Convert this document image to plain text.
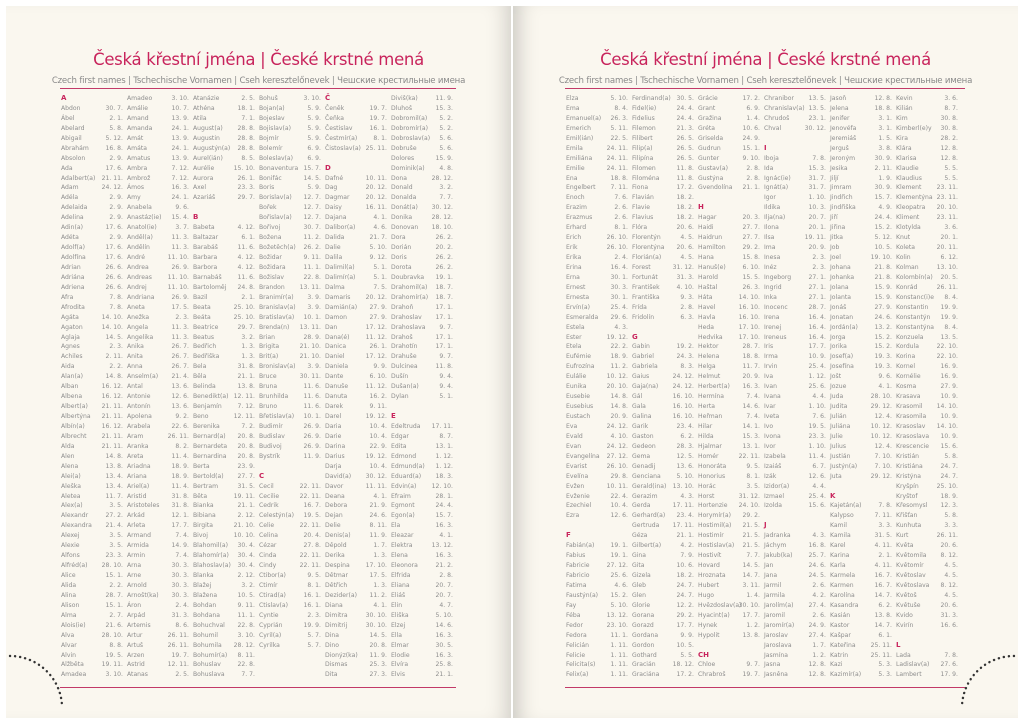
Česká křestní jména | České krstné mená
Czech first names | Tschechische Vornamen | Cseh keresztelőnevek | Чешские крестильные имена
A
Abdon	30. 7.
Ábel	2. 1.
Abelard	5. 8.
Abigail	5. 12.
Abrahám	16. 8.
Absolon	2. 9.
Ada	17. 6.
Adalbert(a) 21. 11.
Adam	24. 12.
Adéla	2. 9.
Adelaida	2. 9.
Adelina	2. 9.
Adin(a)	17. 6.
Adéta	2. 9.
Adolf(a)	17. 6.
Adolfína	17. 6.
Adrian	26. 6.
Adriána	26. 6.
Adriena	26. 6.
Afra	7. 8.
Afrodita	7. 8.
Agáta	14. 10.
Agaton	14. 10.
Aglaja	14. 5.
Agnes	2. 3.
Achiles	2. 11.
Aida	2. 2.
Alan(a)	14. 8.
Alban	16. 12.
Albena	16. 12.
Albert(a) 21. 11.
Albertýna 21. 11.
Albín(a)	16. 12.
Albrecht 21. 11.
Alda	21. 11.
Alen	14. 8.
Alena	13. 8.
Alei(a)	13. 4.
Aleška	13. 4.
Aletea	11. 7.
Alex(a)	3. 5.
Alexandr	27. 2.
Alexandra 21. 4.
Alexej	3. 5.
Alexie	3. 5.
Alfons	23. 3.
Alfréd(a) 28. 10.
Alice	15. 1.
Alida	2. 2.
Alina	28. 7.
Alison	15. 1.
Alma	2. 7.
Alois(ie)	21. 6.
Alva	28. 10.
Alvar	8. 8.
Alvin	19. 5.
Alžběta	19. 11.
Amadea	3. 10.
Amadeo	3. 10.
Amálie	10. 7.
Amand	13. 9.
Amanda	24. 1.
Amát	13. 9.
Amáta	24. 1.
Amatus	13. 9.
Ambra	7. 12.
Ambrož	7. 12.
Ámos	16. 3.
Amy	24. 1.
Anabela	9. 6.
Anastáz(ie) 15. 4.
Anatol(ie)	3. 7.
Anděl(a)	11. 3.
Andělín	11. 3.
André	11. 10.
Andrea	26. 9.
Andreas	11. 10.
Andrej	11. 10.
Andriana	26. 9.
Aneta	17. 5.
Anežka	2. 3.
Angela	11. 3.
Angelika	11. 3.
Anika	26. 7.
Anita	26. 7.
Anna	26. 7.
Anselm(a) 21. 4.
Antal	13. 6.
Antonie	12. 6.
Antonín	13. 6.
Apolena	9. 2.
Arabela	22. 6.
Aram	26. 11.
Aranka	8. 2.
Areta	11. 4.
Ariadna	18. 9.
Ariana	18. 9.
Ariel(a)	11. 4.
Aristid	31. 8.
Aristoteles 31. 8.
Arkád	12. 1.
Arleta	17. 7.
Armand	7. 4.
Armida	14. 9.
Armin	7. 4.
Arna	30. 3.
Arne	30. 3.
Arnold	30. 3.
Arnošt(ka) 30. 3.
Áron	2. 4.
Arpád	31. 3.
Artemis	8. 6.
Artur	26. 11.
Artuš	26. 11.
Arzen	19. 7.
Astrid	12. 11.
Atanas	2. 5.
Atanázie	2. 5.
Athéna	18. 1.
Atila	7. 1.
August(a) 28. 8.
Augustin	28. 8.
Augustýn(a) 28. 8.
Aurel(ián)	8. 5.
Aurélie	15. 10.
Aurora	26. 1.
Axel	23. 3.
Azariáš	29. 7.
B
Babeta	4. 12.
Baltazar	6. 1.
Barabáš	11. 6.
Barbara	4. 12.
Barbora	4. 12.
Barnabáš	11. 6.
Bartoloměj 24. 8.
Bazil	2. 1.
Beata	25. 10.
Beáta	25. 10.
Beatrice	29. 7.
Beatus	3. 2.
Bedřich	1. 3.
Bedřiška	1. 3.
Bela	31. 8.
Běla	21. 1.
Belinda	13. 8.
Benedikt(a) 12. 11.
Benjamín	7. 12.
Beno	12. 11.
Berenika	7. 2.
Bernard(a) 20. 8.
Bernardeta 20. 8.
Bernardina 20. 8.
Berta	23. 9.
Bertold(a) 27. 7.
Bertram	31. 5.
Běta	19. 11.
Bianka	21. 1.
Bibiana	2. 12.
Birgita	21. 10.
Bivoj	10. 10.
Blahomil(a) 30. 4.
Blahomír(a) 30. 4.
Blahoslav(a) 30. 4.
Blanka	2. 12.
Blažej	3. 2.
Blažena	10. 5.
Bohdan	9. 11.
Bohdana	11. 1.
Bohuchval 22. 8.
Bohumil	3. 10.
Bohumila 28. 12.
Bohumír(a) 8. 11.
Bohuslav	22. 8.
Bohuslava	7. 7.
Bohuš	3. 10.
Bojan(a)	5. 9.
Bojeslav	5. 9.
Bojislav(a)	5. 9.
Bojmír	5. 9.
Bolemír	6. 9.
Boleslav(a) 6. 9.
Bonaventura 15. 7.
Bonifác	14. 5.
Boris	5. 9.
Borislav(a) 12. 7.
Bořek	12. 7.
Bořislav(a) 12. 7.
Bořivoj	30. 7.
Božena	11. 2.
Božetěch(a) 26. 2.
Božidar	9. 11.
Božidara	11. 1.
Božislav	22. 8.
Brandon 13. 11.
Branimír(a) 3. 9.
Branislav(a) 3. 9.
Bratislav(a) 10. 1.
Brenda(n) 13. 11.
Brian	28. 9.
Brigita	21. 10.
Brit(a)	21. 10.
Bronislav(a) 3. 9.
Bruce	30. 11.
Bruna	11. 6.
Brunhilda	11. 6.
Bruno	11. 6.
Břetislav(a) 10. 1.
Budimír	26. 9.
Budislav	26. 9.
Budivoj	26. 9.
Bystrík	11. 9.
C
Cecil	22. 11.
Cecilie	22. 11.
Cedrik	16. 7.
Celestýn(a) 19. 5.
Celie	22. 11.
Celina	20. 4.
Cézar	27. 8.
Cinda	22. 11.
Cindy	22. 11.
Ctibor(a)	9. 5.
Ctimír	8. 1.
Ctirad(a)	16. 1.
Ctislav(a)	16. 1.
Cyntie	2. 3.
Cyprián	19. 9.
Cyril(a)	5. 7.
Cyrilka	5. 7.
Č
Čeněk	19. 7.
Čeňka	19. 7.
Čestislav	16. 1.
Čestmír(a)	8. 1.
Čistoslav(a) 25. 11.
D
Dafné	10. 11.
Dag	20. 12.
Dagmar	20. 12.
Daisy	16. 11.
Dajana	4. 1.
Dalibor(a)	4. 6.
Dalida	21. 7.
Dalie	5. 10.
Dalila	9. 12.
Dalimil(a)	5. 1.
Dalimír(a)	5. 1.
Dalma	7. 5.
Damaris 20. 12.
Damián(a) 27. 9.
Damon	27. 9.
Dan	17. 12.
Dana(é)	11. 12.
Danica	26. 1.
Daniel	17. 12.
Daniela	9. 9.
Dante	6. 10.
Danuše	11. 12.
Danuta	16. 2.
Darek	9. 11.
Darel	19. 12.
Daria	10. 4.
Darie	10. 4.
Darina	22. 9.
Darius	19. 12.
Darja	10. 4.
David(a) 30. 12.
Davor	11. 11.
Deana	4. 1.
Debora	21. 9.
Dejan	24. 6.
Delie	8. 11.
Denis(a)	11. 9.
Děpold	1. 7.
Derika	1. 3.
Despina	17. 10.
Dětmar	17. 5.
Dětřich	1. 3.
Dezider(a) 11. 2.
Diana	4. 1.
Dimitra	30. 10.
Dimitrij	30. 10.
Dina	14. 5.
Dino	20. 8.
Dionýz(ka) 11. 9.
Dismas	25. 3.
Dita	27. 3.
Diviš(ka)	11. 9.
Dluhoš	15. 3.
Dobromil(a) 5. 2.
Dobromír(a) 5. 2.
Dobroslav(a) 5. 6.
Dobruše	5. 6.
Dolores	15. 9.
Dominik(a) 4. 8.
Dona	28. 12.
Donald	3. 2.
Donalda	7. 7.
Donát(a) 30. 12.
Donika	28. 12.
Donovan 18. 10.
Dora	26. 2.
Dorián	20. 2.
Doris	26. 2.
Dorota	26. 2.
Doubravka 19. 1.
Drahomil(a) 18. 7.
Drahomír(a) 18. 7.
Drahoň	17. 1.
Drahoslav 17. 1.
Drahoslava 9. 7.
Drahoš	17. 1.
Drahotín	17. 1.
Drahuše	9. 7.
Dulcinea	11. 8.
Dušín	9. 4.
Dušan(a)	9. 4.
Dylan	5. 1.
E
Edeltruda 17. 11.
Edgar	8. 7.
Edita	13. 1.
Edmond	1. 12.
Edmund(a) 1. 12.
Eduard(a) 18. 3.
Edvin(a)	12. 10.
Efraim	28. 1.
Egmont	24. 4.
Egon(a)	15. 7.
Ela	16. 3.
Eleazar	4. 1.
Elektra	13. 12.
Elena	16. 3.
Eleonora	21. 2.
Elfrida	2. 8.
Eliana	20. 7.
Eliáš	20. 7.
Elin	4. 7.
Eliška	5. 10.
Elzej	14. 6.
Ella	16. 3.
Elmar	30. 5.
Elodie	16. 3.
Elvíra	25. 8.
Elvis	21. 1.
Česká křestní jména | České krstné mená
Czech first names | Tschechische Vornamen | Cseh keresztelőnevek | Чешские крестильные имена
Elza	5. 10.
Ema	8. 4.
Emanuel(a) 26. 3.
Emerich	5. 11.
Emil(ián)	22. 5.
Emila	24. 11.
Emiliána 24. 11.
Emilie	24. 11.
Ena	18. 8.
Engelbert 7. 11.
Enoch	7. 6.
Erazim	2. 6.
Erazmus	2. 6.
Erhard	8. 1.
Erich	26. 10.
Erik	26. 10.
Erika	2. 4.
Erina	16. 4.
Erna	30. 1.
Ernest	30. 3.
Ernesta	30. 1.
Ervín(a)	25. 4.
Esmeralda 29. 6.
Estela	4. 3.
Ester	19. 12.
Etela	22. 2.
Eufémie	18. 9.
Eufrozína	11. 2.
Eulálie	10. 12.
Eunika	20. 10.
Eusebie	14. 8.
Eusebius	14. 8.
Eustach	20. 9.
Eva	24. 12.
Evald	4. 10.
Evan	24. 12.
Evangelína 27. 12.
Evarist	26. 10.
Evelína	29. 8.
Evžen	10. 11.
Evženie	22. 4.
Ezechiel	10. 4.
Ezra	12. 6.
F
Fabián(a)	19. 1.
Fabius	19. 1.
Fabricie	27. 12.
Fabricio	25. 6.
Fatima	4. 6.
Faustýn(a) 15. 2.
Fay	5. 10.
Féba	13. 12.
Fedor	23. 10.
Fedora	11. 1.
Felicián	1. 11.
Felicie	1. 11.
Felicita(s) 1. 11.
Felix(a)	1. 11.
Ferdinand(a) 30. 5.
Fidel(ie)	24. 4.
Fidelius	24. 4.
Filemon	21. 3.
Filibert	26. 5.
Filip(a)	26. 5.
Filipína	26. 5.
Filomen	11. 8.
Filoména	11. 8.
Fiona	17. 2.
Flavián	18. 2.
Flavie	18. 2.
Flavius	18. 2.
Flóra	20. 6.
Florentýn	4. 5.
Florentýna 20. 6.
Florián(a)	4. 5.
Forest	31. 12.
Fortunát	31. 3.
František	4. 10.
Františka	9. 3.
Frída	2. 8.
Fridolín	6. 3.
G
Gabin	19. 2.
Gabriel	24. 3.
Gabriela	8. 3.
Gaius	24. 12.
Gaja(na) 24. 12.
Gál	16. 10.
Gala	16. 10.
Galina	16. 10.
Garik	23. 4.
Gaston	6. 2.
Gedeon	28. 3.
Gema	12. 5.
Genadij	13. 6.
Genciana	5. 10.
Gerald(ina) 13. 10.
Gerazim	4. 3.
Gerda	17. 11.
Gerhard(a) 23. 4.
Gertruda 17. 11.
Géza	21. 1.
Gilbert(a)	4. 2.
Gina	7. 9.
Gita	10. 6.
Gizela	18. 2.
Gleb	24. 7.
Glen	24. 7.
Glorie	12. 2.
Gorana	29. 2.
Gorazd	17. 7.
Gordana	9. 9.
Gordon	10. 5.
Gothard	5. 5.
Gracián	18. 12.
Graciána	17. 2.
Grácie	17. 2.
Grant	6. 9.
Gražina	1. 4.
Gréta	10. 6.
Griselda	24. 9.
Gudrun	15. 1.
Gunter	9. 10.
Gustav(a)	2. 8.
Gustýna	2. 8.
Gvendolína 21. 1.
H
Hagar	20. 3.
Haidi	27. 7.
Haidrun	27. 7.
Hamilton	29. 2.
Hana	15. 8.
Hanuš(e)	6. 10.
Harold	15. 5.
Haštal	26. 3.
Háta	14. 10.
Havel	16. 10.
Havla	16. 10.
Heda	17. 10.
Hedvika	17. 10.
Hektor	28. 7.
Helena	18. 8.
Helga	11. 7.
Helmut	20. 9.
Herbert(a) 16. 3.
Hermína	7. 4.
Herta	14. 6.
Heřman	7. 4.
Hilar	14. 1.
Hilda	15. 3.
Hjalmar	13. 1.
Homér	22. 11.
Honoráta	9. 5.
Honorius	8. 1.
Horác	3. 5.
Horst	31. 12.
Hortenzie 24. 10.
Horymír(a) 29. 2.
Hostimil(a) 21. 5.
Hostimír	21. 5.
Hostislav(a) 21. 5.
Hostivít	7. 7.
Hovard	14. 5.
Hroznata	14. 7.
Hubert	3. 11.
Hugo	1. 4.
Hvězdoslav(a)
30. 10.
Hyacint(a) 17. 7.
Hynek	1. 2.
Hypolit	13. 8.
CH
Chloe	9. 7.
Chrabroš	19. 7.
Chranibor 13. 5.
Chranislav(a) 13. 5.
Chrudoš	23. 1.
Chval	30. 12.
I
Iboja	7. 8.
Ida	15. 3.
Ignác(ie)	31. 7.
Ignát(a)	31. 7.
Igor	1. 10.
Ildika	10. 3.
Ilja(na)	20. 7.
Ilona	20. 1.
Ilsa	19. 11.
Ima	20. 9.
Inesa	2. 3.
Inéz	2. 3.
Ingeborg	27. 1.
Ingrid	27. 1.
Inka	27. 1.
Inocenc	28. 7.
Irena	16. 4.
Irenej	16. 4.
Ireneus	16. 4.
Iris	17. 7.
Irma	10. 9.
Irvin	25. 4.
Iva	1. 12.
Ivan	25. 6.
Ivana	4. 4.
Ivar	1. 10.
Iveta	7. 6.
Ivo	19. 5.
Ivona	23. 3.
Ivor	1. 10.
Izabela	11. 4.
Izaiáš	6. 7.
Izák	12. 6.
Izidor(a)	4. 4.
Izmael	25. 4.
Izolda	15. 6.
J
Jadranka	4. 3.
Jáchym	16. 8.
Jakub(ka)	25. 7.
Jan	24. 6.
Jana	24. 5.
Jarmil	2. 6.
Jarmila	4. 2.
Jarolím(a) 27. 4.
Jaromil	2. 6.
Jaromír(a) 24. 9.
Jaroslav	27. 4.
Jaroslava	1. 7.
Jasmína	1. 2.
Jasna	12. 8.
Jasněna	12. 8.
Jasoň	12. 8.
Jelena	18. 8.
Jenifer	3. 1.
Jenovéfa	3. 1.
Jeremiáš	1. 5.
Jerguš	3. 8.
Jeroným	30. 9.
Jesika	2. 11.
Jiljí	1. 9.
Jimram	30. 9.
Jindřich	15. 7.
Jindřiška	4. 9.
Jiří	24. 4.
Jiřina	15. 2.
Jitka	5. 12.
Job	10. 5.
Joel	19. 10.
Johana	21. 8.
Johanka	21. 8.
Jolana	15. 9.
Jolanta	15. 9.
Jonáš	27. 9.
Jonatan	24. 6.
Jordán(a)	13. 2.
Jorga	15. 2.
Jorika	15. 2.
Josef(a)	19. 3.
Josefína	19. 3.
Jošt	9. 6.
Jozue	4. 1.
Juda	28. 10.
Judita	29. 12.
Julián	12. 4.
Juliána	10. 12.
Julie	10. 12.
Julius	12. 4.
Justián	7. 10.
Justýn(a)	7. 10.
Juta	29. 12.
K
Kajetán(a)	7. 8.
Kalypso	7. 11.
Kamil	3. 3.
Kamila	31. 5.
Karel	4. 11.
Karina	2. 1.
Karla	4. 11.
Karmela	16. 7.
Karmen	16. 7.
Karolína	14. 7.
Kasandra	6. 2.
Kasián	13. 8.
Kastor	14. 7.
Kašpar	6. 1.
Kateřina 25. 11.
Katrin	25. 11.
Kazi	5. 3.
Kazimír(a)	5. 3.
Kevin	3. 6.
Kilián	8. 7.
Kim	30. 8.
Kimberl(e)y 30. 8.
Kira	28. 2.
Klára	12. 8.
Klarisa	12. 8.
Klaudie	5. 5.
Klaudius	5. 5.
Klement	23. 11.
Klementýna 23. 11.
Kleopatra 20. 10.
Kliment	23. 11.
Klotylda	3. 6.
Knut	20. 1.
Koleta	20. 11.
Kolin	6. 12.
Kolman	13. 10.
Kolombín(a) 20. 5.
Konrád	26. 11.
Konstanc(i)e 8. 4.
Konstantin 19. 9.
Konstantýn 19. 9.
Konstantýna 8. 4.
Konzuela	13. 5.
Kordula	22. 10.
Korina	22. 10.
Kornel	16. 9.
Kornélie	16. 9.
Kosma	27. 9.
Krasava	10. 9.
Krasomil 14. 10.
Krasomila 10. 9.
Krasoslav 14. 10.
Krasoslava 10. 9.
Krescencie 15. 6.
Kristián	5. 8.
Kristiána	24. 7.
Kristýna	24. 7.
Kryšpín	25. 10.
Kryštof	18. 9.
Křesomysl 12. 3.
Křišťan	5. 8.
Kunhuta	3. 3.
Kurt	26. 11.
Květa	20. 6.
Květomila 8. 12.
Květomír	4. 5.
Květoslav	4. 5.
Květoslava 8. 12.
Květoš	4. 5.
Květuše	20. 6.
Kvido	31. 3.
Kvirín	16. 6.
L
Lada	7. 8.
Ladislav(a) 27. 6.
Lambert	17. 9.
